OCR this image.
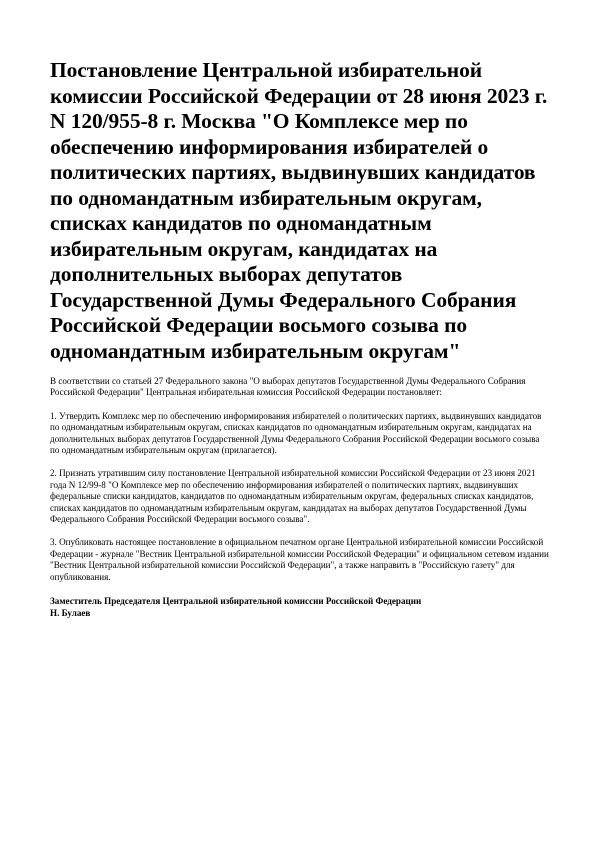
Постановление Центральной избирательной комиссии Российской Федерации от 28 июня 2023 г. N 120/955-8 г. Москва "О Комплексе мер по обеспечению информирования избирателей о политических партиях, выдвинувших кандидатов по одномандатным избирательным округам, списках кандидатов по одномандатным избирательным округам, кандидатах на дополнительных выборах депутатов Государственной Думы Федерального Собрания Российской Федерации восьмого созыва по одномандатным избирательным округам"

В соответствии со статьей 27 Федерального закона "О выборах депутатов Государственной Думы Федерального Собрания Российской Федерации" Центральная избирательная комиссия Российской Федерации постановляет:

1. Утвердить Комплекс мер по обеспечению информирования избирателей о политических партиях, выдвинувших кандидатов по одномандатным избирательным округам, списках кандидатов по одномандатным избирательным округам, кандидатах на дополнительных выборах депутатов Государственной Думы Федерального Собрания Российской Федерации восьмого созыва по одномандатным избирательным округам (прилагается).

2. Признать утратившим силу постановление Центральной избирательной комиссии Российской Федерации от 23 июня 2021 года N 12/99-8 "О Комплексе мер по обеспечению информирования избирателей о политических партиях, выдвинувших федеральные списки кандидатов, кандидатов по одномандатным избирательным округам, федеральных списках кандидатов, списках кандидатов по одномандатным избирательным округам, кандидатах на выборах депутатов Государственной Думы Федерального Собрания Российской Федерации восьмого созыва".

3. Опубликовать настоящее постановление в официальном печатном органе Центральной избирательной комиссии Российской Федерации - журнале "Вестник Центральной избирательной комиссии Российской Федерации" и официальном сетевом издании "Вестник Центральной избирательной комиссии Российской Федерации", а также направить в "Российскую газету" для опубликования.

Заместитель Председателя Центральной избирательной комиссии Российской Федерации
Н. Булаев
